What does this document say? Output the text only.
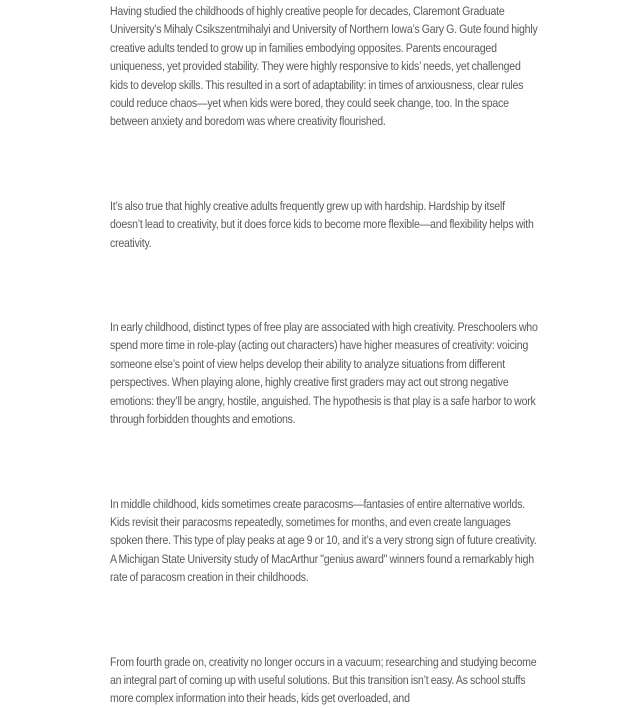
Having studied the childhoods of highly creative people for decades, Claremont Graduate University’s Mihaly Csikszentmihalyi and University of Northern Iowa’s Gary G. Gute found highly creative adults tended to grow up in families embodying opposites. Parents encouraged uniqueness, yet provided stability. They were highly responsive to kids’ needs, yet challenged kids to develop skills. This resulted in a sort of adaptability: in times of anxiousness, clear rules could reduce chaos—yet when kids were bored, they could seek change, too. In the space between anxiety and boredom was where creativity flourished.

It’s also true that highly creative adults frequently grew up with hardship. Hardship by itself doesn’t lead to creativity, but it does force kids to become more flexible—and flexibility helps with creativity.

In early childhood, distinct types of free play are associated with high creativity. Preschoolers who spend more time in role-play (acting out characters) have higher measures of creativity: voicing someone else’s point of view helps develop their ability to analyze situations from different perspectives. When playing alone, highly creative first graders may act out strong negative emotions: they’ll be angry, hostile, anguished. The hypothesis is that play is a safe harbor to work through forbidden thoughts and emotions.

In middle childhood, kids sometimes create paracosms—fantasies of entire alternative worlds. Kids revisit their paracosms repeatedly, sometimes for months, and even create languages spoken there. This type of play peaks at age 9 or 10, and it’s a very strong sign of future creativity. A Michigan State University study of MacArthur "genius award" winners found a remarkably high rate of paracosm creation in their childhoods.

From fourth grade on, creativity no longer occurs in a vacuum; researching and studying become an integral part of coming up with useful solutions. But this transition isn’t easy. As school stuffs more complex information into their heads, kids get overloaded, and
